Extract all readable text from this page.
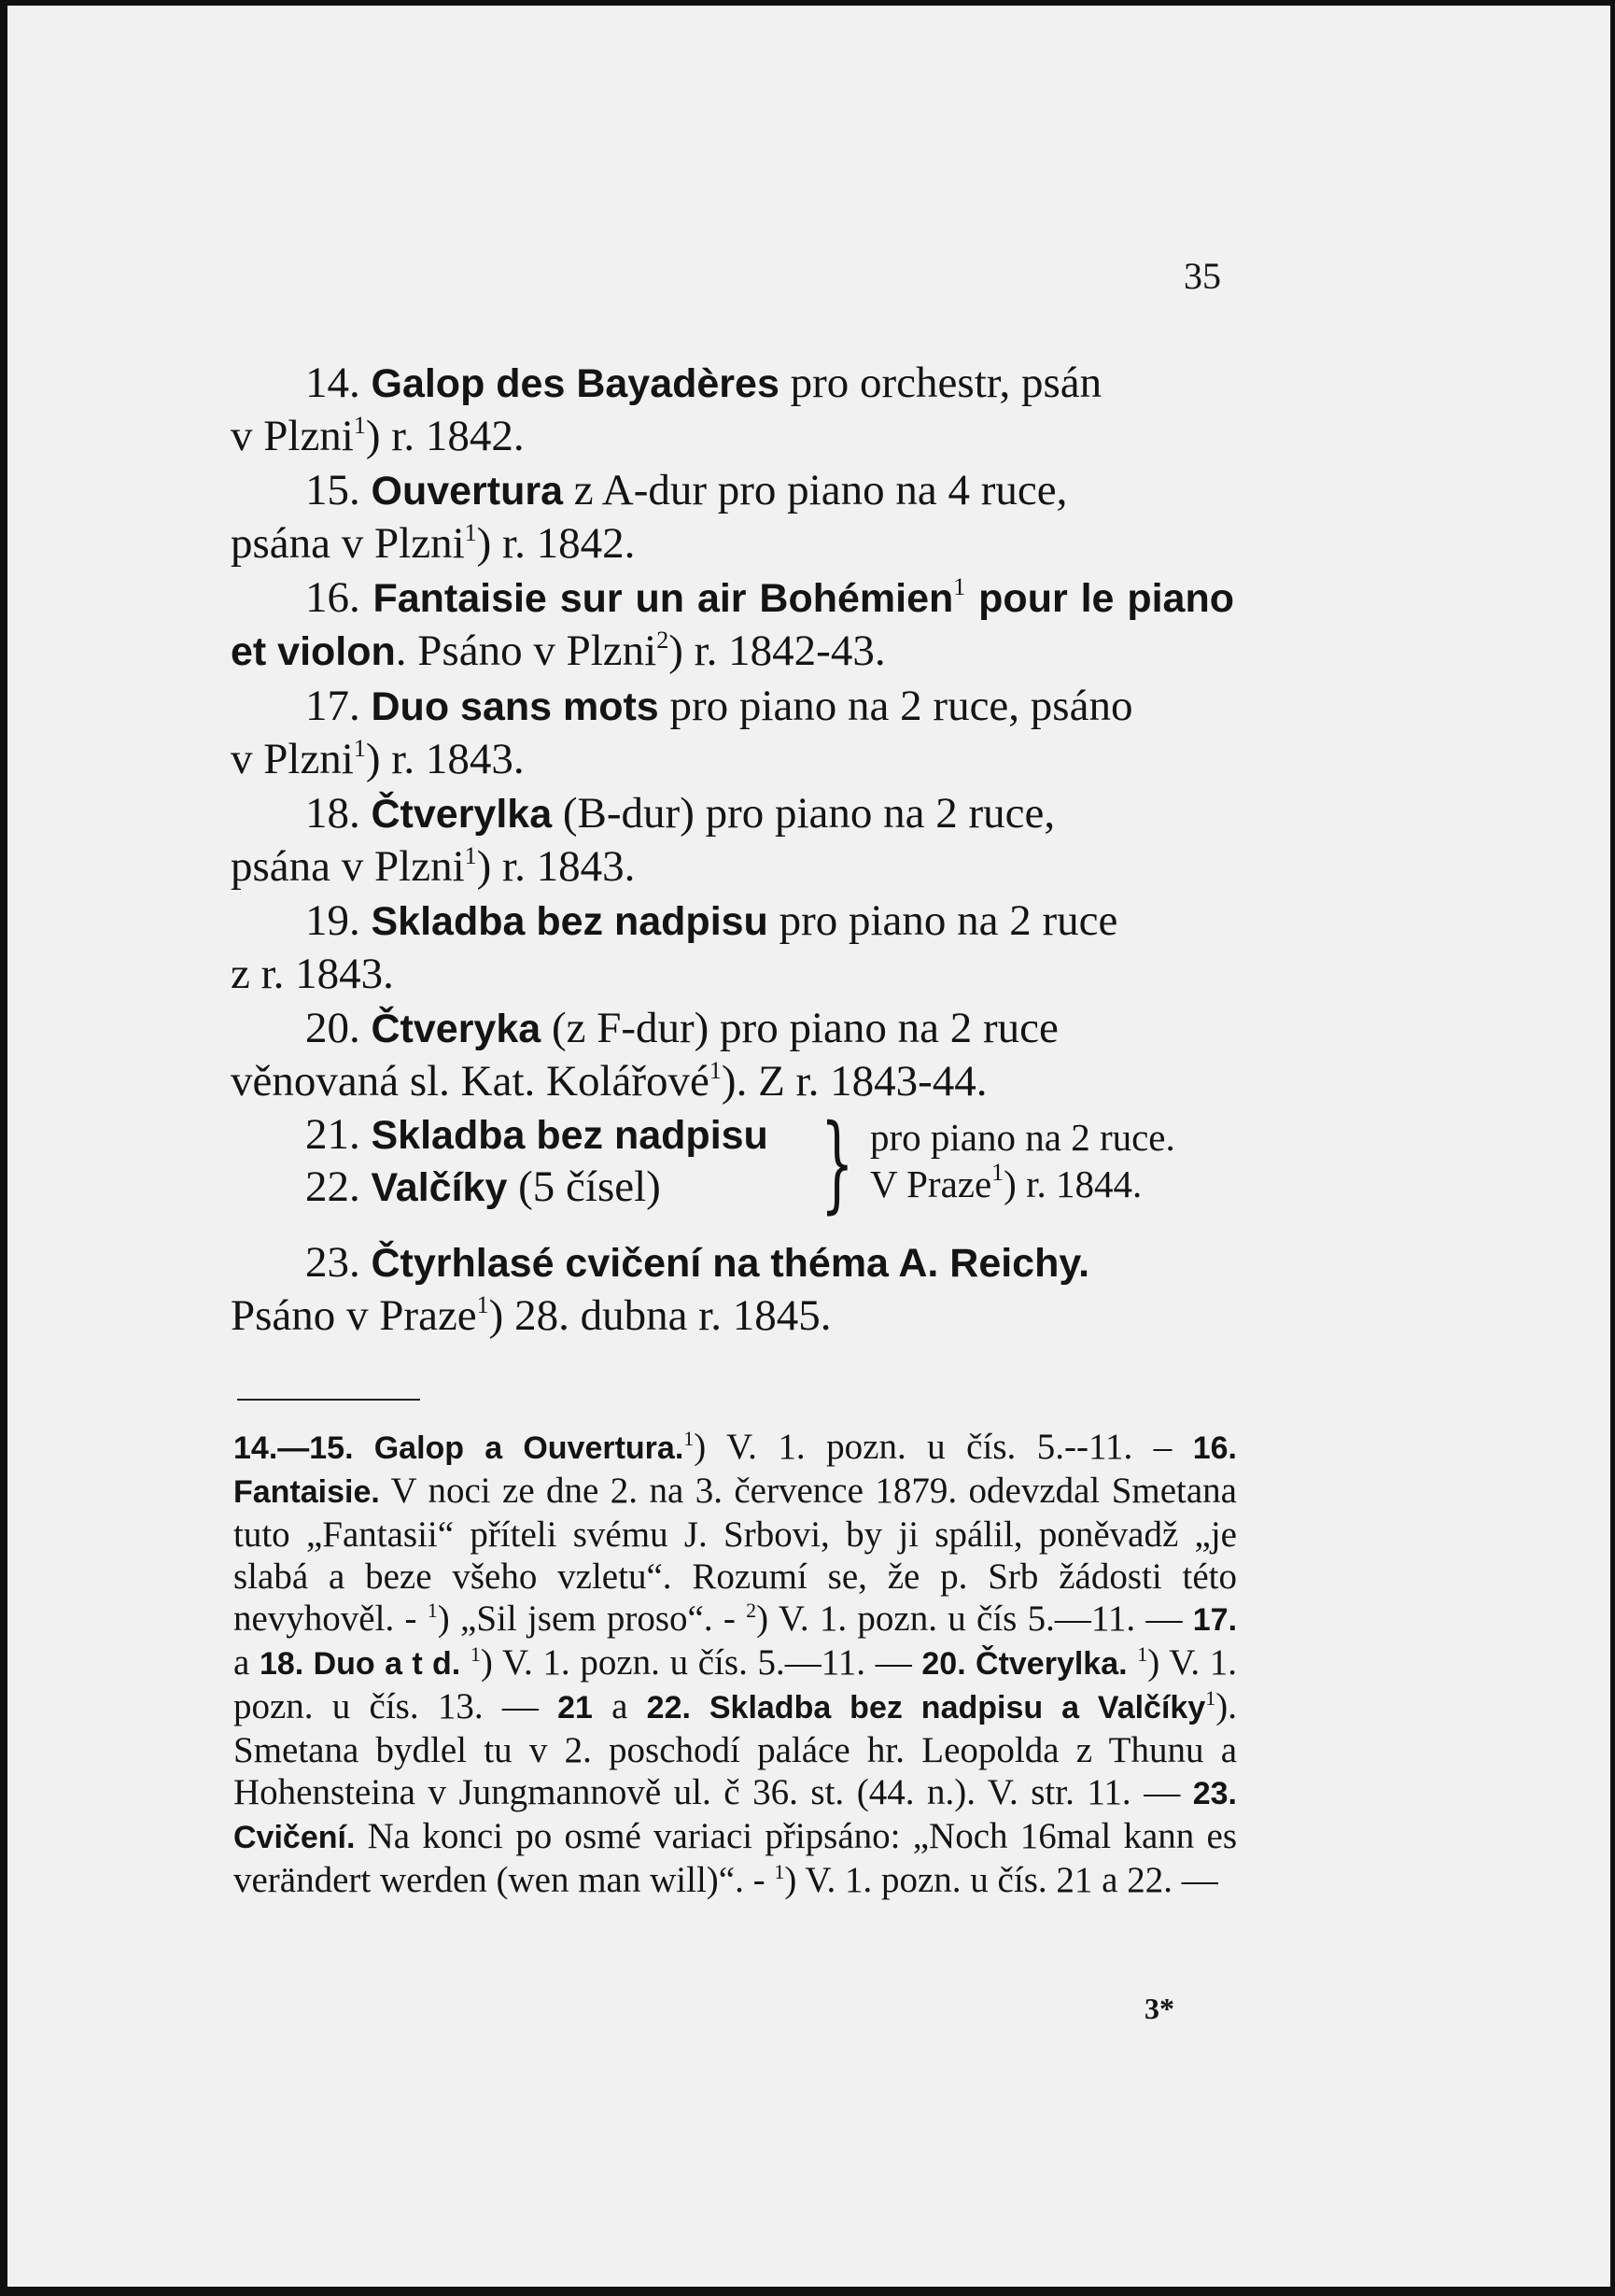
35
14. Galop des Bayadères pro orchestr, psán
v Plzni$^1$) r. 1842.
15. Ouvertura z A-dur pro piano na 4 ruce,
psána v Plzni$^1$) r. 1842.
16. Fantaisie sur un air Bohémien$^1$ pour le piano et violon. Psáno v Plzni$^2$) r. 1842-43.
17. Duo sans mots pro piano na 2 ruce, psáno
v Plzni$^1$) r. 1843.
18. Čtverylka (B-dur) pro piano na 2 ruce,
psána v Plzni$^1$) r. 1843.
19. Skladba bez nadpisu pro piano na 2 ruce
z r. 1843.
20. Čtveryka (z F-dur) pro piano na 2 ruce
věnovaná sl. Kat. Kolářové$^1$). Z r. 1843-44.
21. Skladba bez nadpisu
22. Valčíky (5 čísel) } pro piano na 2 ruce.
V Praze$^1$) r. 1844.
23. Čtyrhlasé cvičení na théma A. Reichy.
Psáno v Praze$^1$) 28. dubna r. 1845.
14.—15. Galop a Ouvertura.$^1$) V. 1. pozn. u čís. 5.--11. – 16. Fantaisie. V noci ze dne 2. na 3. července 1879. odevzdal Smetana tuto „Fantasii“ příteli svému J. Srbovi, by ji spálil, poněvadž „je slabá a beze všeho vzletu“. Rozumí se, že p. Srb žádosti této nevyhověl. - $^1$) „Sil jsem proso“. - $^2$) V. 1. pozn. u čís 5.—11. — 17. a 18. Duo a t d. $^1$) V. 1. pozn. u čís. 5.—11. — 20. Čtverylka. $^1$) V. 1. pozn. u čís. 13. — 21 a 22. Skladba bez nadpisu a Valčíky$^1$). Smetana bydlel tu v 2. poschodí paláce hr. Leopolda z Thunu a Hohensteina v Jungmannově ul. č 36. st. (44. n.). V. str. 11. — 23. Cvičení. Na konci po osmé variaci připsáno: „Noch 16mal kann es verändert werden (wen man will)“. - $^1$) V. 1. pozn. u čís. 21 a 22. —
3*
